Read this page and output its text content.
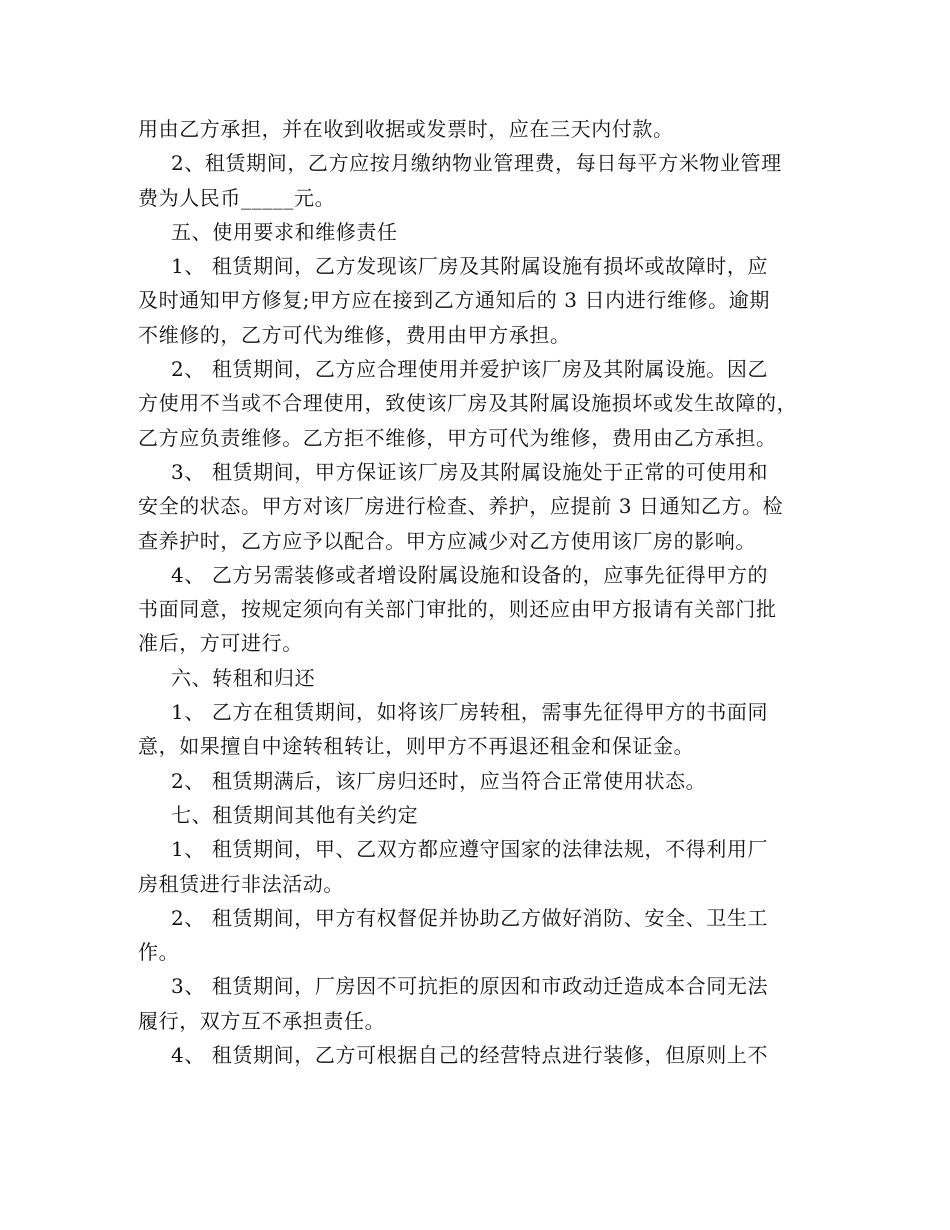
用由乙方承担，并在收到收据或发票时，应在三天内付款。

2、租赁期间，乙方应按月缴纳物业管理费，每日每平方米物业管理

费为人民币_____元。

五、使用要求和维修责任

1、 租赁期间，乙方发现该厂房及其附属设施有损坏或故障时，应

及时通知甲方修复;甲方应在接到乙方通知后的 3 日内进行维修。逾期

不维修的，乙方可代为维修，费用由甲方承担。

2、 租赁期间，乙方应合理使用并爱护该厂房及其附属设施。因乙

方使用不当或不合理使用，致使该厂房及其附属设施损坏或发生故障的，

乙方应负责维修。乙方拒不维修，甲方可代为维修，费用由乙方承担。

3、 租赁期间，甲方保证该厂房及其附属设施处于正常的可使用和

安全的状态。甲方对该厂房进行检查、养护，应提前 3 日通知乙方。检

查养护时，乙方应予以配合。甲方应减少对乙方使用该厂房的影响。

4、 乙方另需装修或者增设附属设施和设备的，应事先征得甲方的

书面同意，按规定须向有关部门审批的，则还应由甲方报请有关部门批

准后，方可进行。

六、转租和归还

1、 乙方在租赁期间，如将该厂房转租，需事先征得甲方的书面同

意，如果擅自中途转租转让，则甲方不再退还租金和保证金。

2、 租赁期满后，该厂房归还时，应当符合正常使用状态。

七、租赁期间其他有关约定

1、 租赁期间，甲、乙双方都应遵守国家的法律法规，不得利用厂

房租赁进行非法活动。

2、 租赁期间，甲方有权督促并协助乙方做好消防、安全、卫生工

作。

3、 租赁期间，厂房因不可抗拒的原因和市政动迁造成本合同无法

履行，双方互不承担责任。

4、 租赁期间，乙方可根据自己的经营特点进行装修，但原则上不
